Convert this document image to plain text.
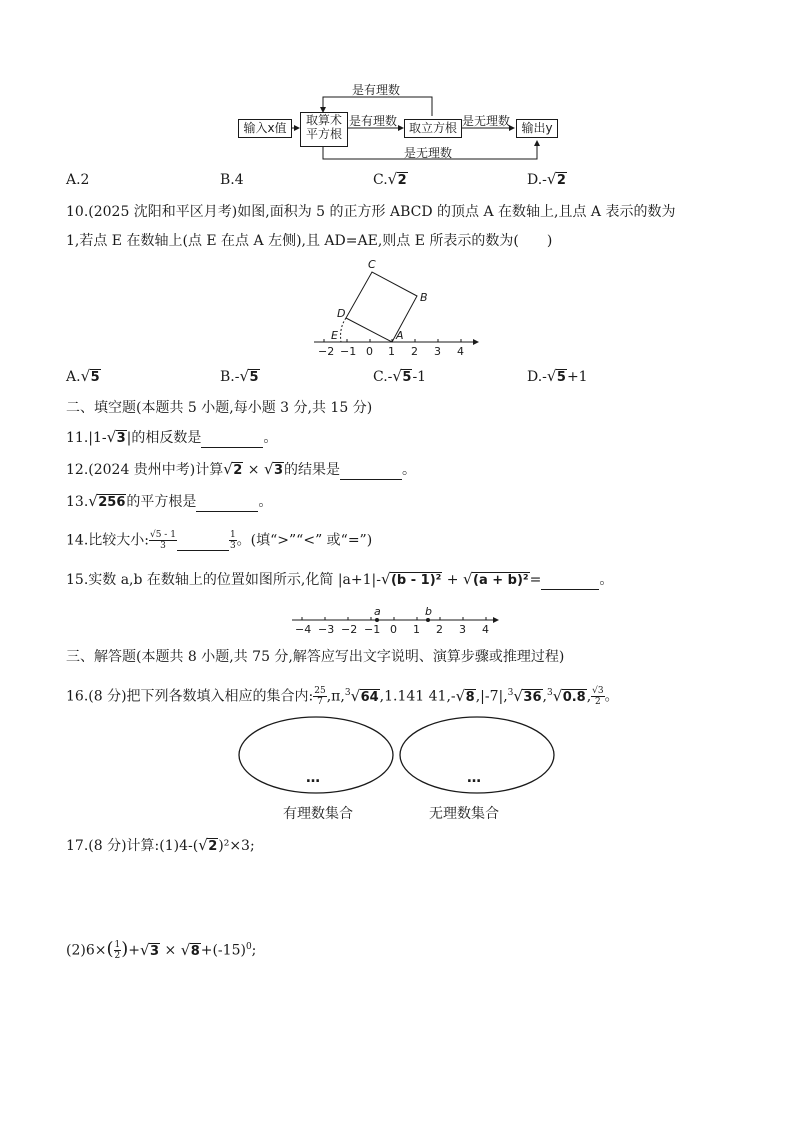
输入x值
取算术
平方根	取立方根	输出y
是有理数
是有理数	是无理数
是无理数
A.2	B.4	C.√ 2	D.-√ 2
10.(2025 沈阳和平区月考)如图,面积为 5 的正方形 ABCD 的顶点 A 在数轴上,且点 A 表示的数为
1,若点 E 在数轴上(点 E 在点 A 左侧),且 AD=AE,则点 E 所表示的数为(　　)
C
B
D
E	A
−2 −1 0 1 2 3 4
A.√ 5	B.-√ 5	C.-√ 5-1	D.-√ 5+1
二、填空题(本题共 5 小题,每小题 3 分,共 15 分)
11.|1-√ 3|的相反数是	。
12.(2024 贵州中考)计算√ 2 × √ 3的结果是	。
13.√ 256的平方根是	。
14.比较大小: $\frac{√5 - 1}{3}$	$\frac{1}{3}$ 。(填“>”“<” 或“=”)
15.实数 a,b 在数轴上的位置如图所示,化简 |a+1|-√ (b - 1)² + √ (a + b)²=	。
a	b
−4 −3 −2 −1 0 1 2 3 4
三、解答题(本题共 8 小题,共 75 分,解答应写出文字说明、演算步骤或推理过程)
16.(8 分)把下列各数填入相应的集合内: $\frac{25}{7} ,\pi,^3√$ 64,1.141 41,-√ 8,|-7|,$^3$√ 36,$^3$√ 0.8, $\frac{√3}{2}$ 。
…	…
有理数集合	无理数集合
17.(8 分)计算:(1)4-(√ 2)²×3;
$(2)6\times( \frac{1}{2}$ )+√ 3 × √ $8+(-15)^0$;
